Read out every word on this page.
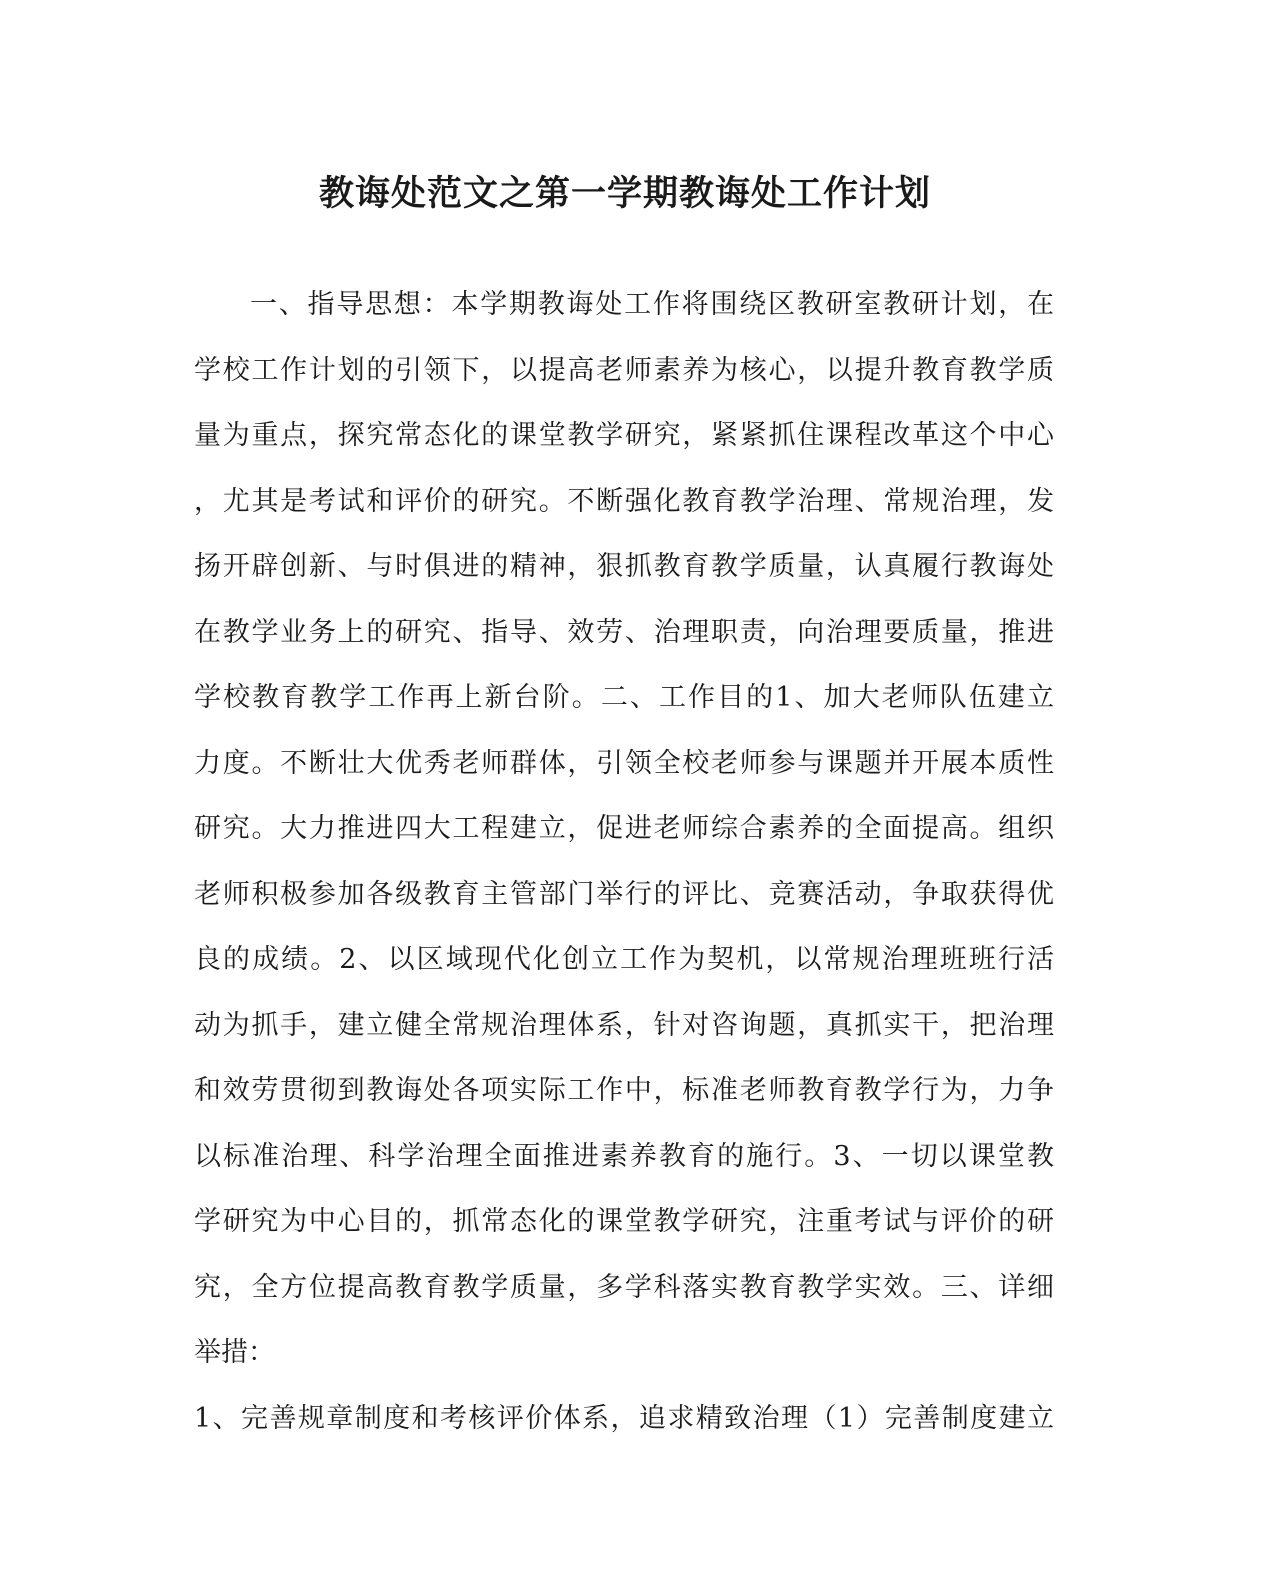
教诲处范文之第一学期教诲处工作计划
一、指导思想：本学期教诲处工作将围绕区教研室教研计划，在
学校工作计划的引领下，以提高老师素养为核心，以提升教育教学质
量为重点，探究常态化的课堂教学研究，紧紧抓住课程改革这个中心
，尤其是考试和评价的研究。不断强化教育教学治理、常规治理，发
扬开辟创新、与时俱进的精神，狠抓教育教学质量，认真履行教诲处
在教学业务上的研究、指导、效劳、治理职责，向治理要质量，推进
学校教育教学工作再上新台阶。二、工作目的1、加大老师队伍建立
力度。不断壮大优秀老师群体，引领全校老师参与课题并开展本质性
研究。大力推进四大工程建立，促进老师综合素养的全面提高。组织
老师积极参加各级教育主管部门举行的评比、竞赛活动，争取获得优
良的成绩。2、以区域现代化创立工作为契机，以常规治理班班行活
动为抓手，建立健全常规治理体系，针对咨询题，真抓实干，把治理
和效劳贯彻到教诲处各项实际工作中，标准老师教育教学行为，力争
以标准治理、科学治理全面推进素养教育的施行。3、一切以课堂教
学研究为中心目的，抓常态化的课堂教学研究，注重考试与评价的研
究，全方位提高教育教学质量，多学科落实教育教学实效。三、详细
举措：
1、完善规章制度和考核评价体系，追求精致治理（1）完善制度建立
